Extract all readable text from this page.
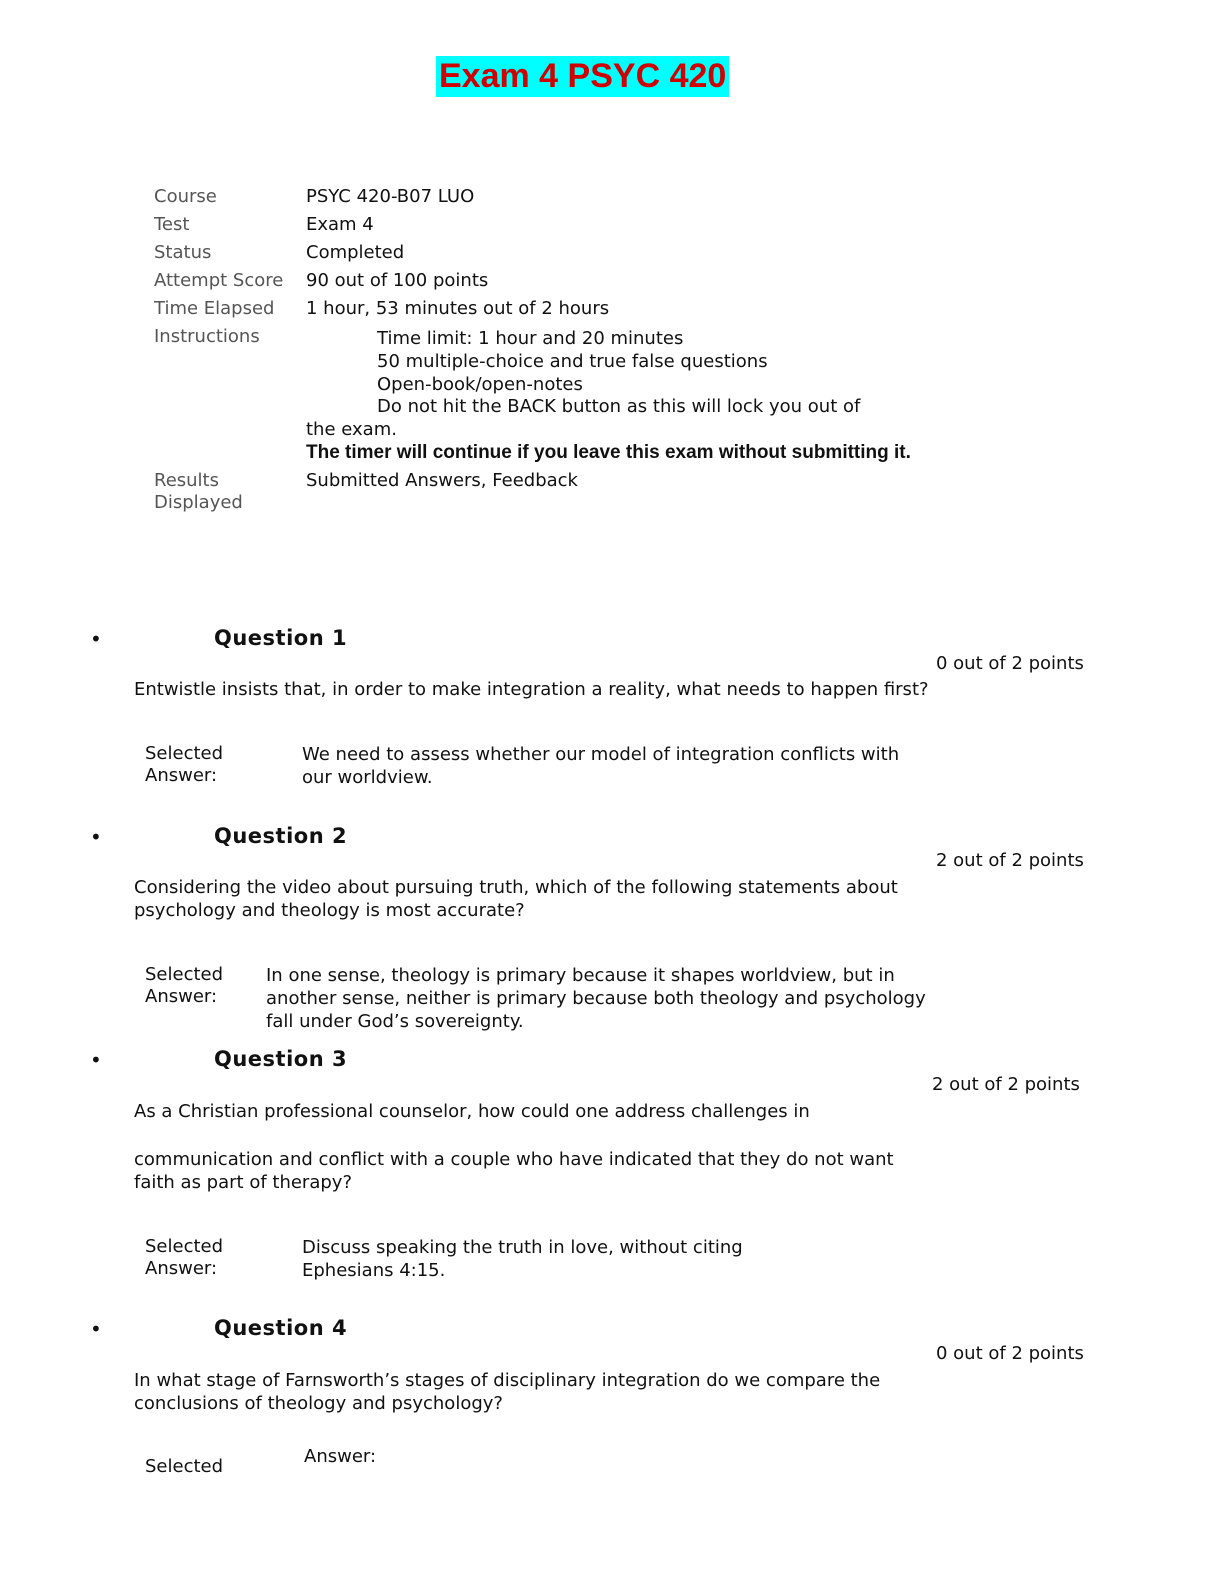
Exam 4 PSYC 420
Course	PSYC 420-B07 LUO
Test	Exam 4
Status	Completed
Attempt Score 90 out of 100 points
Time Elapsed 1 hour, 53 minutes out of 2 hours
Instructions	Time limit: 1 hour and 20 minutes
50 multiple-choice and true false questions
Open-book/open-notes
Do not hit the BACK button as this will lock you out of
the exam.
The timer will continue if you leave this exam without submitting it.
Results
Displayed
Submitted Answers, Feedback
•	Question 1
0 out of 2 points
Entwistle insists that, in order to make integration a reality, what needs to happen first?
Selected
Answer:
We need to assess whether our model of integration conflicts with
our worldview.
•	Question 2
2 out of 2 points
Considering the video about pursuing truth, which of the following statements about
psychology and theology is most accurate?
Selected
Answer:
In one sense, theology is primary because it shapes worldview, but in
another sense, neither is primary because both theology and psychology
fall under God’s sovereignty.
•	Question 3
2 out of 2 points
As a Christian professional counselor, how could one address challenges in
communication and conflict with a couple who have indicated that they do not want
faith as part of therapy?
Selected
Answer:
Discuss speaking the truth in love, without citing
Ephesians 4:15.
•	Question 4
0 out of 2 points
In what stage of Farnsworth’s stages of disciplinary integration do we compare the
conclusions of theology and psychology?
Selected	Answer:
